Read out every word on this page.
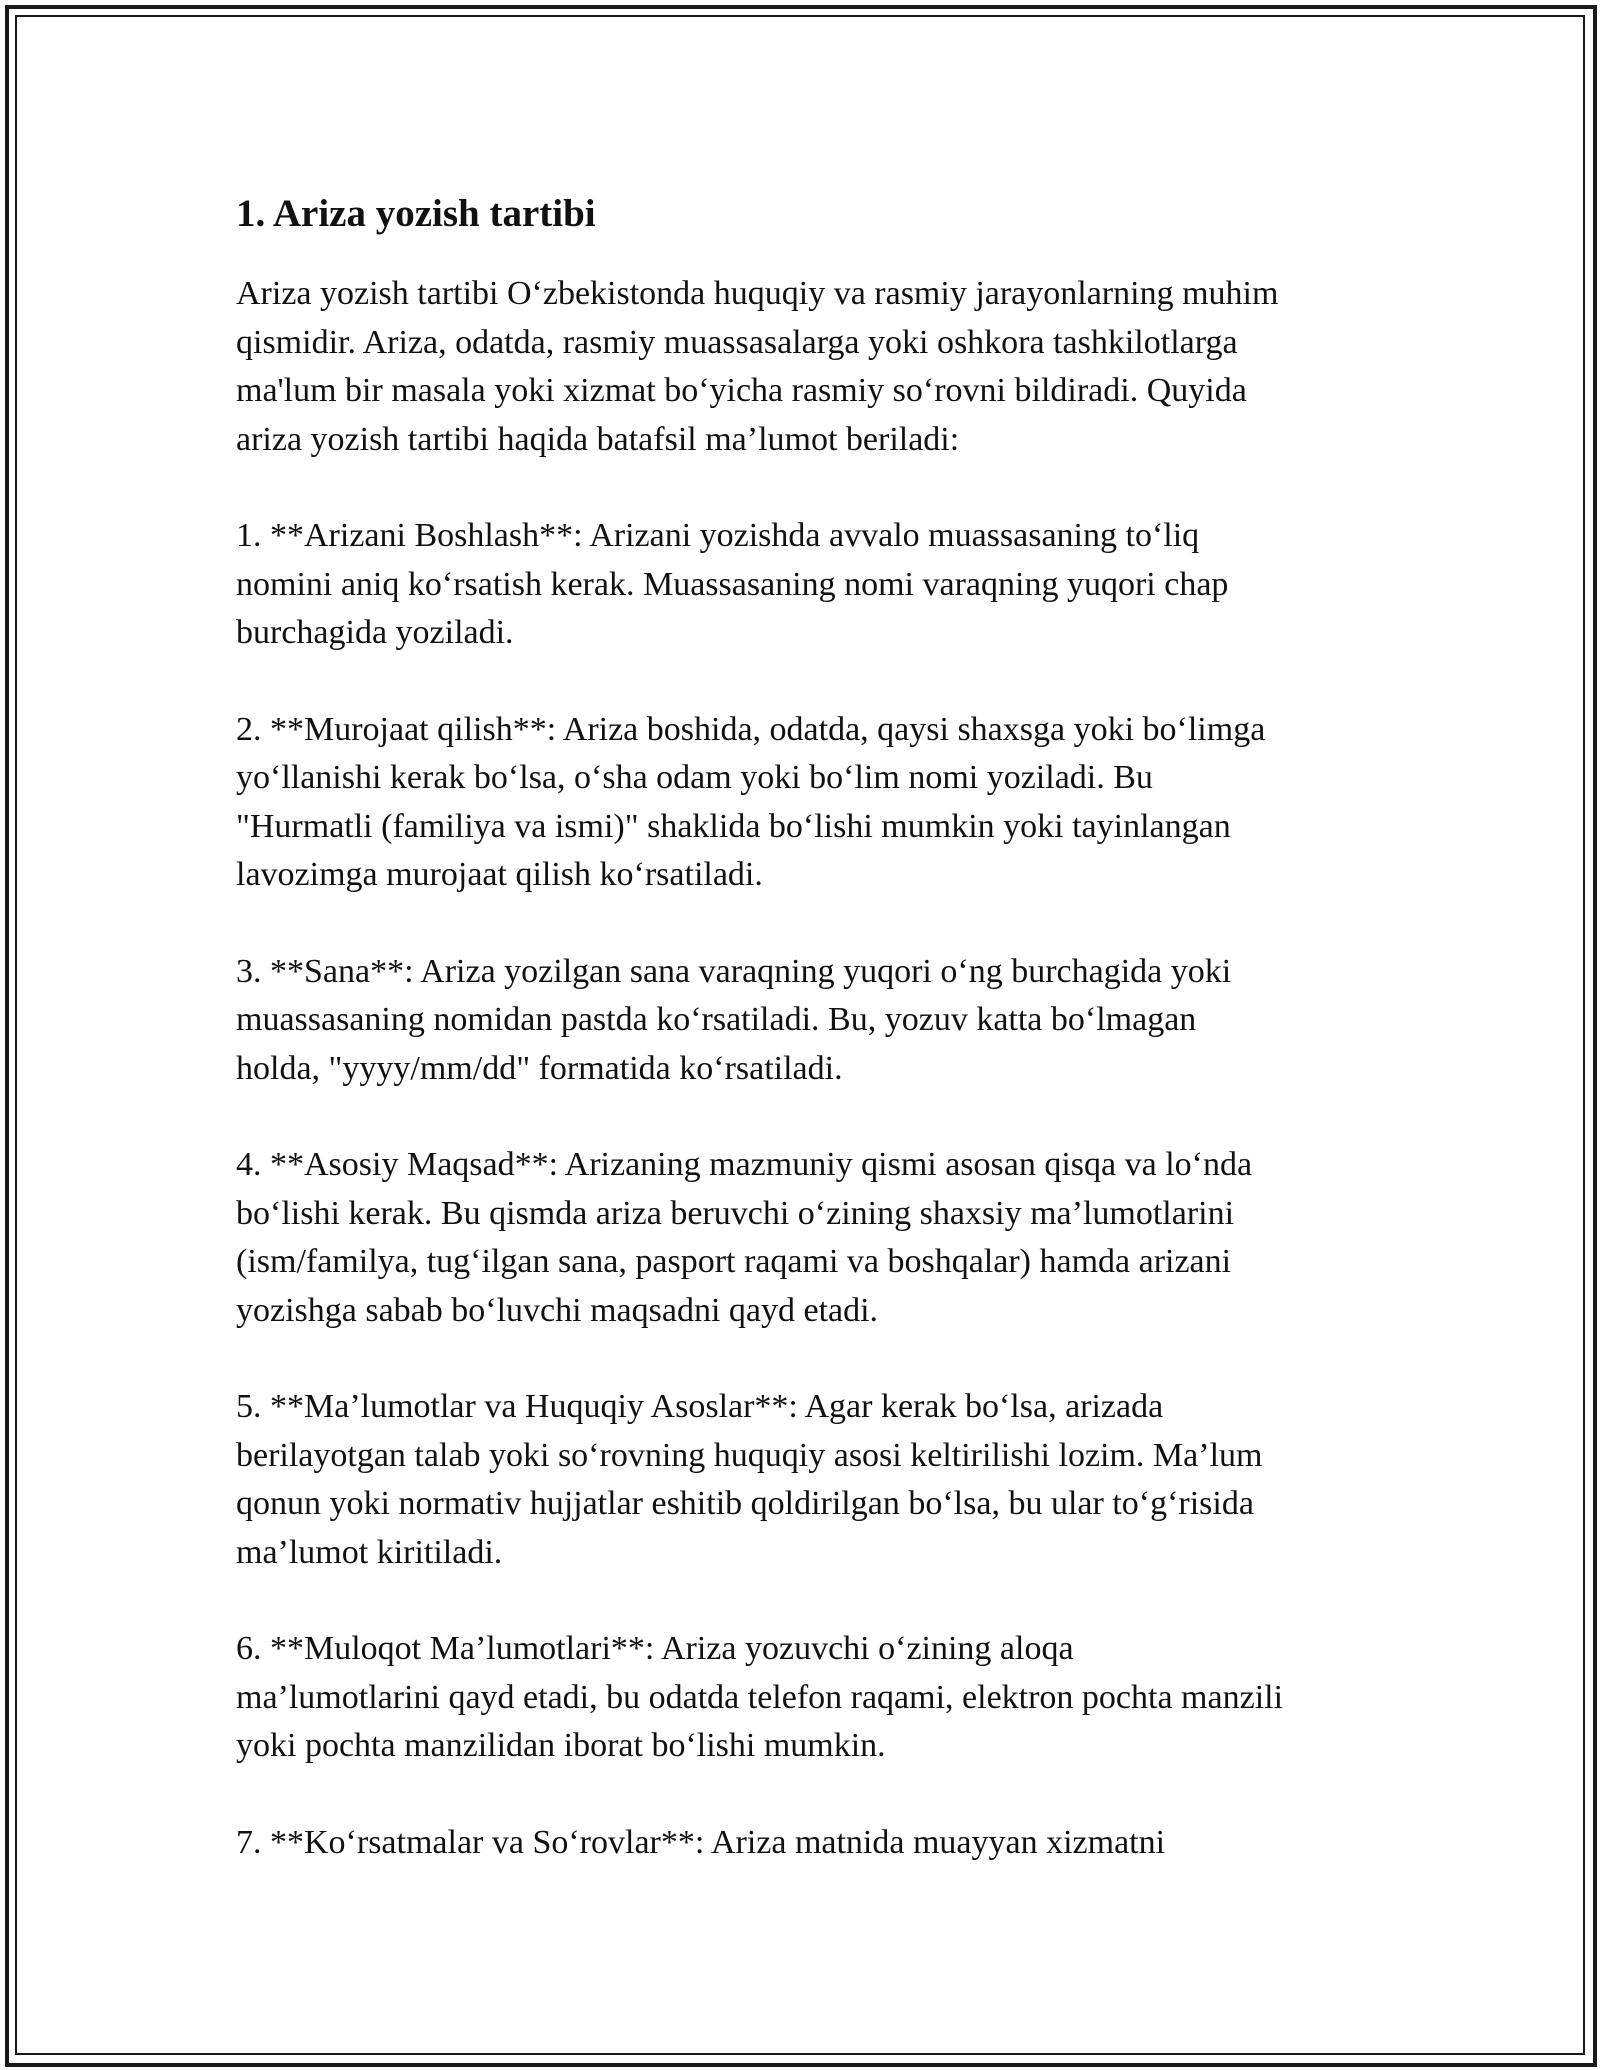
1. Ariza yozish tartibi

Ariza yozish tartibi O‘zbekistonda huquqiy va rasmiy jarayonlarning muhim
qismidir. Ariza, odatda, rasmiy muassasalarga yoki oshkora tashkilotlarga
ma'lum bir masala yoki xizmat bo‘yicha rasmiy so‘rovni bildiradi. Quyida
ariza yozish tartibi haqida batafsil ma’lumot beriladi:

1. **Arizani Boshlash**: Arizani yozishda avvalo muassasaning to‘liq
nomini aniq ko‘rsatish kerak. Muassasaning nomi varaqning yuqori chap
burchagida yoziladi.

2. **Murojaat qilish**: Ariza boshida, odatda, qaysi shaxsga yoki bo‘limga
yo‘llanishi kerak bo‘lsa, o‘sha odam yoki bo‘lim nomi yoziladi. Bu
"Hurmatli (familiya va ismi)" shaklida bo‘lishi mumkin yoki tayinlangan
lavozimga murojaat qilish ko‘rsatiladi.

3. **Sana**: Ariza yozilgan sana varaqning yuqori o‘ng burchagida yoki
muassasaning nomidan pastda ko‘rsatiladi. Bu, yozuv katta bo‘lmagan
holda, "yyyy/mm/dd" formatida ko‘rsatiladi.

4. **Asosiy Maqsad**: Arizaning mazmuniy qismi asosan qisqa va lo‘nda
bo‘lishi kerak. Bu qismda ariza beruvchi o‘zining shaxsiy ma’lumotlarini
(ism/familya, tug‘ilgan sana, pasport raqami va boshqalar) hamda arizani
yozishga sabab bo‘luvchi maqsadni qayd etadi.

5. **Ma’lumotlar va Huquqiy Asoslar**: Agar kerak bo‘lsa, arizada
berilayotgan talab yoki so‘rovning huquqiy asosi keltirilishi lozim. Ma’lum
qonun yoki normativ hujjatlar eshitib qoldirilgan bo‘lsa, bu ular to‘g‘risida
ma’lumot kiritiladi.

6. **Muloqot Ma’lumotlari**: Ariza yozuvchi o‘zining aloqa
ma’lumotlarini qayd etadi, bu odatda telefon raqami, elektron pochta manzili
yoki pochta manzilidan iborat bo‘lishi mumkin.

7. **Ko‘rsatmalar va So‘rovlar**: Ariza matnida muayyan xizmatni
